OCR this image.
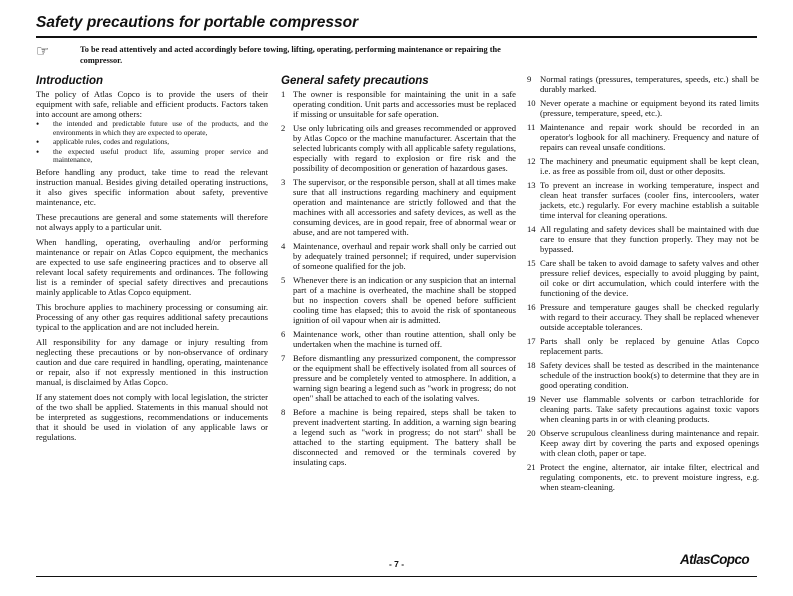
Safety precautions for portable compressor
☞	To be read attentively and acted accordingly before towing, lifting, operating, performing maintenance or repairing the compressor.
Introduction

The policy of Atlas Copco is to provide the users of their equipment with safe, reliable and efficient products. Factors taken into account are among others:

•	the intended and predictable future use of the products, and the environments in which they are expected to operate,
•	applicable rules, codes and regulations,
•	the expected useful product life, assuming proper service and maintenance,

Before handling any product, take time to read the relevant instruction manual. Besides giving detailed operating instructions, it also gives specific information about safety, preventive maintenance, etc.

These precautions are general and some statements will therefore not always apply to a particular unit.

When handling, operating, overhauling and/or performing maintenance or repair on Atlas Copco equipment, the mechanics are expected to use safe engineering practices and to observe all relevant local safety requirements and ordinances. The following list is a reminder of special safety directives and precautions mainly applicable to Atlas Copco equipment.

This brochure applies to machinery processing or consuming air. Processing of any other gas requires additional safety precautions typical to the application and are not included herein.

All responsibility for any damage or injury resulting from neglecting these precautions or by non-observance of ordinary caution and due care required in handling, operating, maintenance or repair, also if not expressly mentioned in this instruction manual, is disclaimed by Atlas Copco.

If any statement does not comply with local legislation, the stricter of the two shall be applied. Statements in this manual should not be interpreted as suggestions, recommendations or inducements that it should be used in violation of any applicable laws or regulations.

General safety precautions
1 The owner is responsible for maintaining the unit in a safe operating condition. Unit parts and accessories must be replaced if missing or unsuitable for safe operation.
2 Use only lubricating oils and greases recommended or approved by Atlas Copco or the machine manufacturer. Ascertain that the selected lubricants comply with all applicable safety regulations, especially with regard to explosion or fire risk and the possibility of decomposition or generation of hazardous gases.
3 The supervisor, or the responsible person, shall at all times make sure that all instructions regarding machinery and equipment operation and maintenance are strictly followed and that the machines with all accessories and safety devices, as well as the consuming devices, are in good repair, free of abnormal wear or abuse, and are not tampered with.
4 Maintenance, overhaul and repair work shall only be carried out by adequately trained personnel; if required, under supervision of someone qualified for the job.
5 Whenever there is an indication or any suspicion that an internal part of a machine is overheated, the machine shall be stopped but no inspection covers shall be opened before sufficient cooling time has elapsed; this to avoid the risk of spontaneous ignition of oil vapour when air is admitted.
6 Maintenance work, other than routine attention, shall only be undertaken when the machine is turned off.
7 Before dismantling any pressurized component, the compressor or the equipment shall be effectively isolated from all sources of pressure and be completely vented to atmosphere. In addition, a warning sign bearing a legend such as "work in progress; do not open" shall be attached to each of the isolating valves.
8 Before a machine is being repaired, steps shall be taken to prevent inadvertent starting. In addition, a warning sign bearing a legend such as "work in progress; do not start" shall be attached to the starting equipment. The battery shall be disconnected and removed or the terminals covered by insulating caps.
9	Normal ratings (pressures, temperatures, speeds, etc.) shall be durably marked.
10 Never operate a machine or equipment beyond its rated limits (pressure, temperature, speed, etc.).
11 Maintenance and repair work should be recorded in an operator's logbook for all machinery. Frequency and nature of repairs can reveal unsafe conditions.
12 The machinery and pneumatic equipment shall be kept clean, i.e. as free as possible from oil, dust or other deposits.
13 To prevent an increase in working temperature, inspect and clean heat transfer surfaces (cooler fins, intercoolers, water jackets, etc.) regularly. For every machine establish a suitable time interval for cleaning operations.
14 All regulating and safety devices shall be maintained with due care to ensure that they function properly. They may not be bypassed.
15 Care shall be taken to avoid damage to safety valves and other pressure relief devices, especially to avoid plugging by paint, oil coke or dirt accumulation, which could interfere with the functioning of the device.
16 Pressure and temperature gauges shall be checked regularly with regard to their accuracy. They shall be replaced whenever outside acceptable tolerances.
17 Parts shall only be replaced by genuine Atlas Copco replacement parts.
18 Safety devices shall be tested as described in the maintenance schedule of the instruction book(s) to determine that they are in good operating condition.
19 Never use flammable solvents or carbon tetrachloride for cleaning parts. Take safety precautions against toxic vapors when cleaning parts in or with cleaning products.
20 Observe scrupulous cleanliness during maintenance and repair. Keep away dirt by covering the parts and exposed openings with clean cloth, paper or tape.
21 Protect the engine, alternator, air intake filter, electrical and regulating components, etc. to prevent moisture ingress, e.g. when steam-cleaning.
- 7 -	AtlasCopco
